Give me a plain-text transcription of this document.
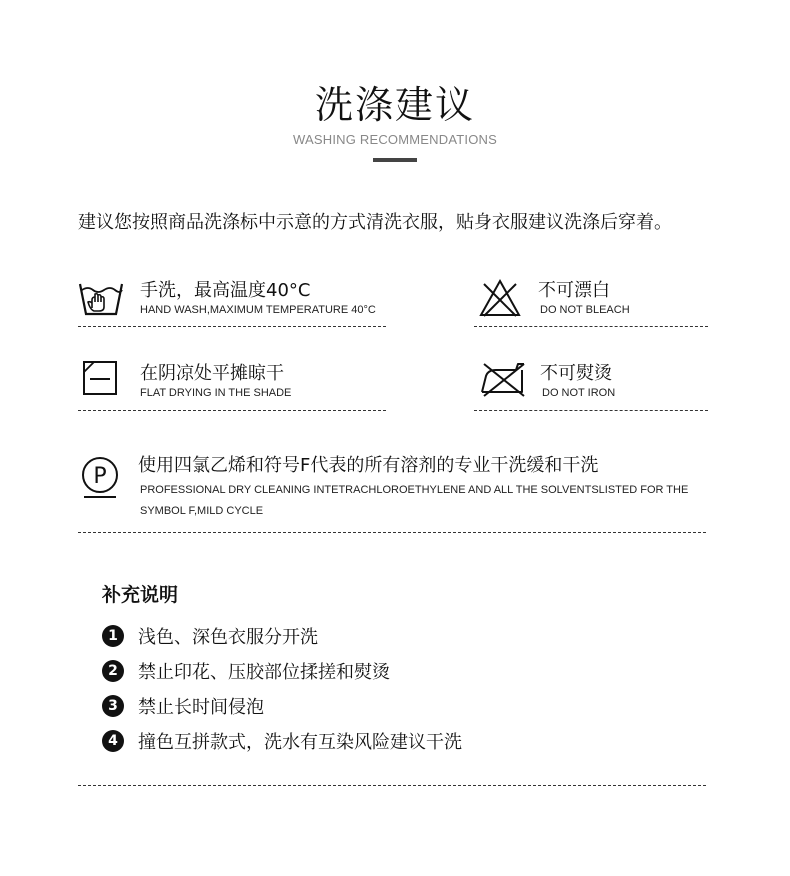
洗涤建议
WASHING RECOMMENDATIONS
建议您按照商品洗涤标中示意的方式清洗衣服，贴身衣服建议洗涤后穿着。
手洗，最高温度40°C
HAND WASH,MAXIMUM TEMPERATURE 40°C
不可漂白
DO NOT BLEACH
在阴凉处平摊晾干
FLAT DRYING IN THE SHADE
不可熨烫
DO NOT IRON
P 使用四氯乙烯和符号F代表的所有溶剂的专业干洗缓和干洗
PROFESSIONAL DRY CLEANING INTETRACHLOROETHYLENE AND ALL THE SOLVENTSLISTED FOR THE SYMBOL F,MILD CYCLE
补充说明
1	浅色、深色衣服分开洗
2	禁止印花、压胶部位揉搓和熨烫
3	禁止长时间侵泡
4	撞色互拼款式，洗水有互染风险建议干洗
